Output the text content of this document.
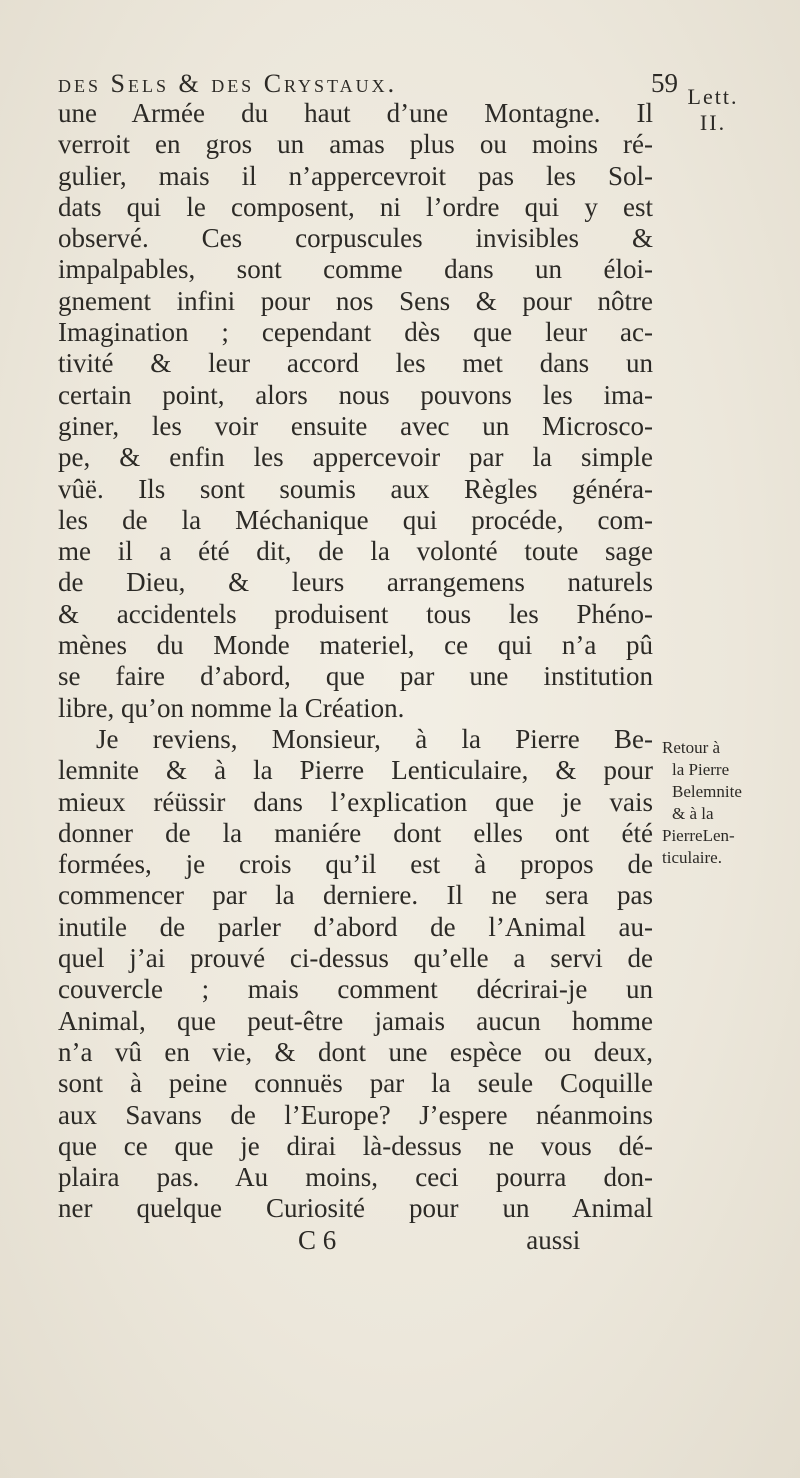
des Sels & des Crystaux.	59 Lett.
II.
Retour à
la Pierre
Belemnite
& à la
PierreLen-
ticulaire.
une Armée du haut d’une Montagne. Il
verroit en gros un amas plus ou moins ré-
gulier, mais il n’appercevroit pas les Sol-
dats qui le composent, ni l’ordre qui y est
observé. Ces corpuscules invisibles &
impalpables, sont comme dans un éloi-
gnement infini pour nos Sens & pour nôtre
Imagination ; cependant dès que leur ac-
tivité & leur accord les met dans un
certain point, alors nous pouvons les ima-
giner, les voir ensuite avec un Microsco-
pe, & enfin les appercevoir par la simple
vûë. Ils sont soumis aux Règles généra-
les de la Méchanique qui procéde, com-
me il a été dit, de la volonté toute sage
de Dieu, & leurs arrangemens naturels
& accidentels produisent tous les Phéno-
mènes du Monde materiel, ce qui n’a pû
se faire d’abord, que par une institution
libre, qu’on nomme la Création.
Je reviens, Monsieur, à la Pierre Be-
lemnite & à la Pierre Lenticulaire, & pour
mieux réüssir dans l’explication que je vais
donner de la maniére dont elles ont été
formées, je crois qu’il est à propos de
commencer par la derniere. Il ne sera pas
inutile de parler d’abord de l’Animal au-
quel j’ai prouvé ci-dessus qu’elle a servi de
couvercle ; mais comment décrirai-je un
Animal, que peut-être jamais aucun homme
n’a vû en vie, & dont une espèce ou deux,
sont à peine connuës par la seule Coquille
aux Savans de l’Europe? J’espere néanmoins
que ce que je dirai là-dessus ne vous dé-
plaira pas. Au moins, ceci pourra don-
ner quelque Curiosité pour un Animal
C 6	aussi
